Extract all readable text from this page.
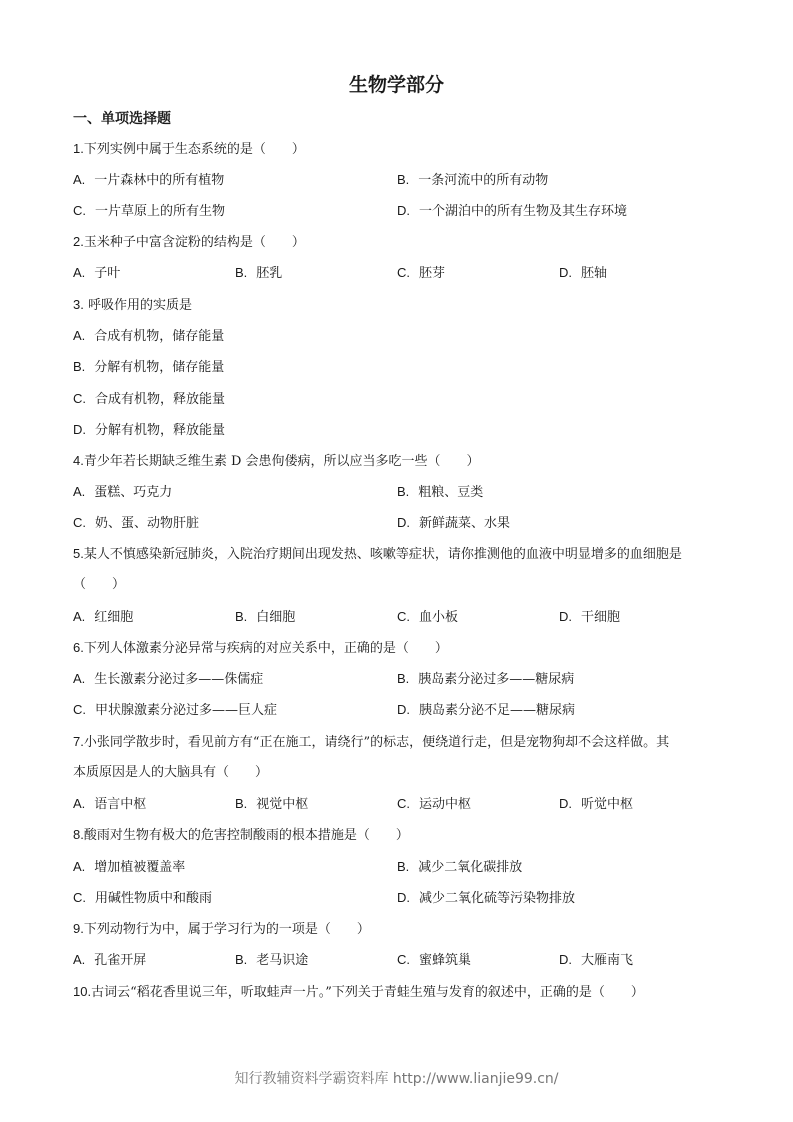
生物学部分
一、单项选择题
1.下列实例中属于生态系统的是（　　）
A. 一片森林中的所有植物	B. 一条河流中的所有动物
C. 一片草原上的所有生物	D. 一个湖泊中的所有生物及其生存环境
2.玉米种子中富含淀粉的结构是（　　）
A. 子叶	B. 胚乳	C. 胚芽	D. 胚轴
3. 呼吸作用的实质是
A. 合成有机物，储存能量
B. 分解有机物，储存能量
C. 合成有机物，释放能量
D. 分解有机物，释放能量
4.青少年若长期缺乏维生素 D 会患佝偻病，所以应当多吃一些（　　）
A. 蛋糕、巧克力	B. 粗粮、豆类
C. 奶、蛋、动物肝脏	D. 新鲜蔬菜、水果
5.某人不慎感染新冠肺炎，入院治疗期间出现发热、咳嗽等症状，请你推测他的血液中明显增多的血细胞是
（　　）
A. 红细胞	B. 白细胞	C. 血小板	D. 干细胞
6.下列人体激素分泌异常与疾病的对应关系中，正确的是（　　）
A. 生长激素分泌过多——侏儒症	B. 胰岛素分泌过多——糖尿病
C. 甲状腺激素分泌过多——巨人症	D. 胰岛素分泌不足——糖尿病
7.小张同学散步时，看见前方有“正在施工，请绕行”的标志，便绕道行走，但是宠物狗却不会这样做。其
本质原因是人的大脑具有（　　）
A. 语言中枢	B. 视觉中枢	C. 运动中枢	D. 听觉中枢
8.酸雨对生物有极大的危害控制酸雨的根本措施是（　　）
A. 增加植被覆盖率	B. 减少二氧化碳排放
C. 用碱性物质中和酸雨	D. 减少二氧化硫等污染物排放
9.下列动物行为中，属于学习行为的一项是（　　）
A. 孔雀开屏	B. 老马识途	C. 蜜蜂筑巢	D. 大雁南飞
10.古词云“稻花香里说三年，听取蛙声一片。”下列关于青蛙生殖与发育的叙述中，正确的是（　　）
知行教辅资料学霸资料库 http://www.lianjie99.cn/
